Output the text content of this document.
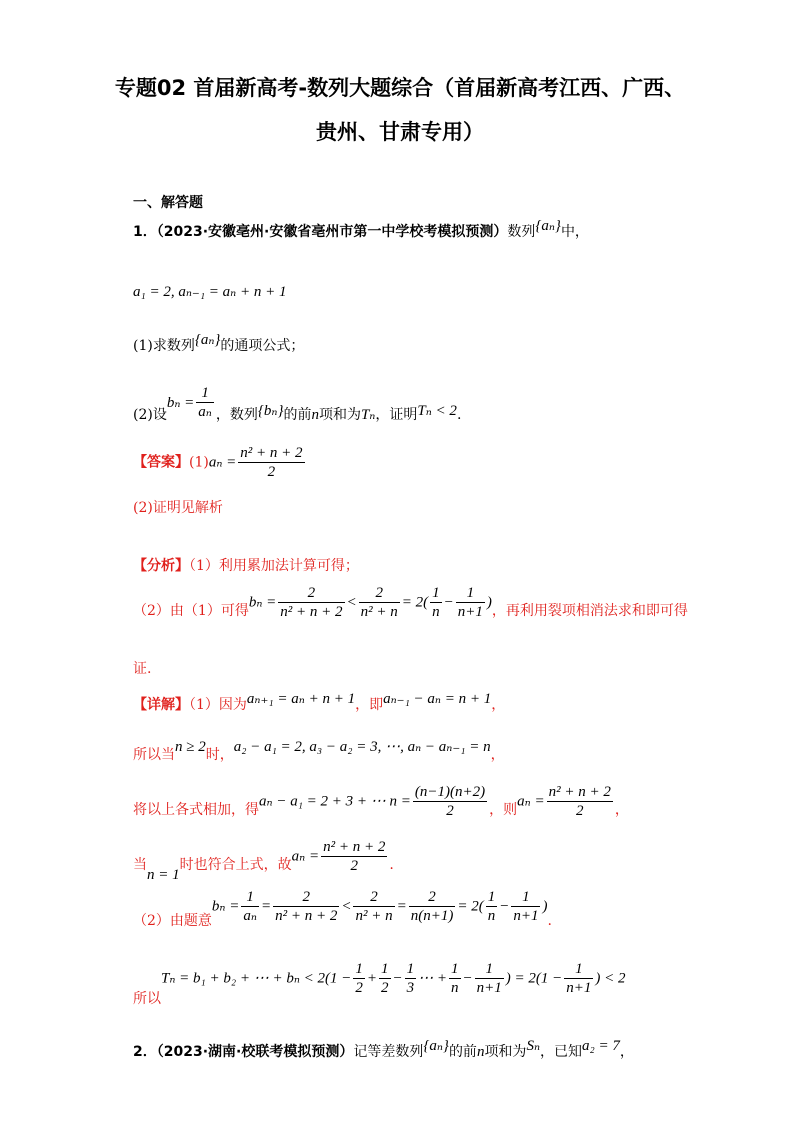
专题02 首届新高考-数列大题综合（首届新高考江西、广西、
贵州、甘肃专用）
一、解答题
1．（2023·安徽亳州·安徽省亳州市第一中学校考模拟预测）数列{aₙ}中，
a₁ = 2, aₙ₋₁ = aₙ + n + 1
(1)求数列{aₙ}的通项公式；
(2)设$b_n = \frac{1}{\text{aₙ}}$ ，数列{bₙ}的前n项和为Tₙ，证明Tₙ < 2.
【答案】$(1)a_n = \frac{\text{n² + n + 2}}{2}$
(2)证明见解析
【分析】（1）利用累加法计算可得；
（2）由（1）可得$b_n = \frac{2}{\text{n² + n + 2}} < \frac{2}{\text{n² + n}} = 2( \frac{1}{n} - \frac{1}{n+1}$ )，再利用裂项相消法求和即可得
证.
【详解】（1）因为aₙ₊₁ = aₙ + n + 1，即aₙ₋₁ − aₙ = n + 1，
所以当n ≥ 2时，a₂ − a₁ = 2, a₃ − a₂ = 3, ⋯, aₙ − aₙ₋₁ = n，
将以上各式相加，得aₙ − a₁ = 2 + 3 + ⋯ $n = \frac{(n-1)(n+2)}{2}$ ，则$a_n = \frac{\text{n² + n + 2}}{2}$ ，
当n = 1时也符合上式，故$a_n = \frac{\text{n² + n + 2}}{2}$ .
（2）由题意$b_n = \frac{1}{\text{aₙ}} = \frac{2}{\text{n² + n + 2}} < \frac{2}{\text{n² + n}} = \frac{2}{n(n+1)} = 2( \frac{1}{n} - \frac{1}{n+1}$ ).
所以Tₙ = b₁ + b₂ + ⋯ + $b_n < 2(1 - \frac{1}{2} + \frac{1}{2} - \frac{1}{3}$ ⋯ + $\frac{1}{n} - \frac{1}{n+1}$ ) = $2(1 - \frac{1}{n+1}$ ) < 2
2．（2023·湖南·校联考模拟预测）记等差数列{aₙ}的前n项和为Sₙ，已知a₂ = 7，
